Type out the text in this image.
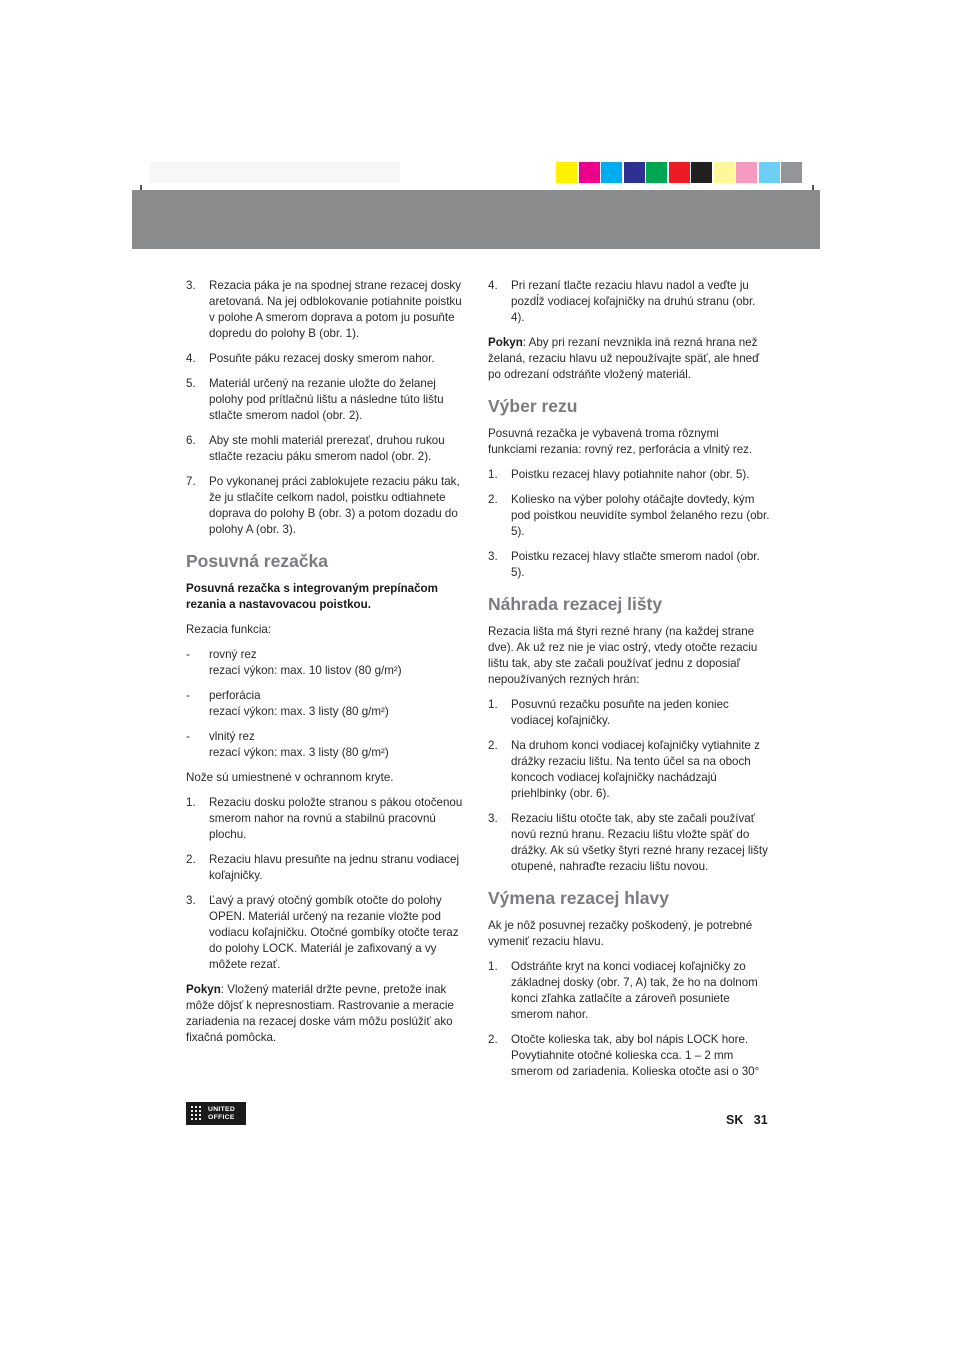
3.	Rezacia páka je na spodnej strane rezacej dosky aretovaná. Na jej odblokovanie potiahnite poistku v polohe A smerom doprava a potom ju posuňte dopredu do polohy B (obr. 1).
4.	Posuňte páku rezacej dosky smerom nahor.
5.	Materiál určený na rezanie uložte do želanej polohy pod prítlačnú lištu a následne túto lištu stlačte smerom nadol (obr. 2).
6.	Aby ste mohli materiál prerezať, druhou rukou stlačte rezaciu páku smerom nadol (obr. 2).
7.	Po vykonanej práci zablokujete rezaciu páku tak, že ju stlačíte celkom nadol, poistku odtiahnete doprava do polohy B (obr. 3) a potom dozadu do polohy A (obr. 3).
Posuvná rezačka

Posuvná rezačka s integrovaným prepínačom rezania a nastavovacou poistkou.

Rezacia funkcia:

-	rovný rez
rezací výkon: max. 10 listov (80 g/m²)
-	perforácia
rezací výkon: max. 3 listy (80 g/m²)
-	vlnitý rez
rezací výkon: max. 3 listy (80 g/m²)

Nože sú umiestnené v ochrannom kryte.

1.	Rezaciu dosku položte stranou s pákou otočenou smerom nahor na rovnú a stabilnú pracovnú plochu.
2.	Rezaciu hlavu presuňte na jednu stranu vodiacej koľajničky.
3.	Ľavý a pravý otočný gombík otočte do polohy OPEN. Materiál určený na rezanie vložte pod vodiacu koľajničku. Otočné gombíky otočte teraz do polohy LOCK. Materiál je zafixovaný a vy môžete rezať.

Pokyn: Vložený materiál držte pevne, pretože inak môže dôjsť k nepresnostiam. Rastrovanie a meracie zariadenia na rezacej doske vám môžu poslúžiť ako fixačná pomôcka.

4.	Pri rezaní tlačte rezaciu hlavu nadol a veďte ju pozdĺž vodiacej koľajničky na druhú stranu (obr. 4).

Pokyn: Aby pri rezaní nevznikla iná rezná hrana než želaná, rezaciu hlavu už nepoužívajte späť, ale hneď po odrezaní odstráňte vložený materiál.

Výber rezu

Posuvná rezačka je vybavená troma rôznymi funkciami rezania: rovný rez, perforácia a vlnitý rez.

1.	Poistku rezacej hlavy potiahnite nahor (obr. 5).
2.	Koliesko na výber polohy otáčajte dovtedy, kým pod poistkou neuvidíte symbol želaného rezu (obr. 5).
3.	Poistku rezacej hlavy stlačte smerom nadol (obr. 5).
Náhrada rezacej lišty

Rezacia lišta má štyri rezné hrany (na každej strane dve). Ak už rez nie je viac ostrý, vtedy otočte rezaciu lištu tak, aby ste začali používať jednu z doposiaľ nepoužívaných rezných hrán:

1.	Posuvnú rezačku posuňte na jeden koniec vodiacej koľajničky.
2.	Na druhom konci vodiacej koľajničky vytiahnite z drážky rezaciu lištu. Na tento účel sa na oboch koncoch vodiacej koľajničky nachádzajú priehlbinky (obr. 6).
3.	Rezaciu lištu otočte tak, aby ste začali používať novú reznú hranu. Rezaciu lištu vložte späť do drážky. Ak sú všetky štyri rezné hrany rezacej lišty otupené, nahraďte rezaciu lištu novou.
Výmena rezacej hlavy

Ak je nôž posuvnej rezačky poškodený, je potrebné vymeniť rezaciu hlavu.

1.	Odstráňte kryt na konci vodiacej koľajničky zo základnej dosky (obr. 7, A) tak, že ho na dolnom konci zľahka zatlačíte a zároveň posuniete smerom nahor.
2.	Otočte kolieska tak, aby bol nápis LOCK hore. Povytiahnite otočné kolieska cca. 1 – 2 mm smerom od zariadenia. Kolieska otočte asi o 30°
UNITED
OFFICE	SK   31
